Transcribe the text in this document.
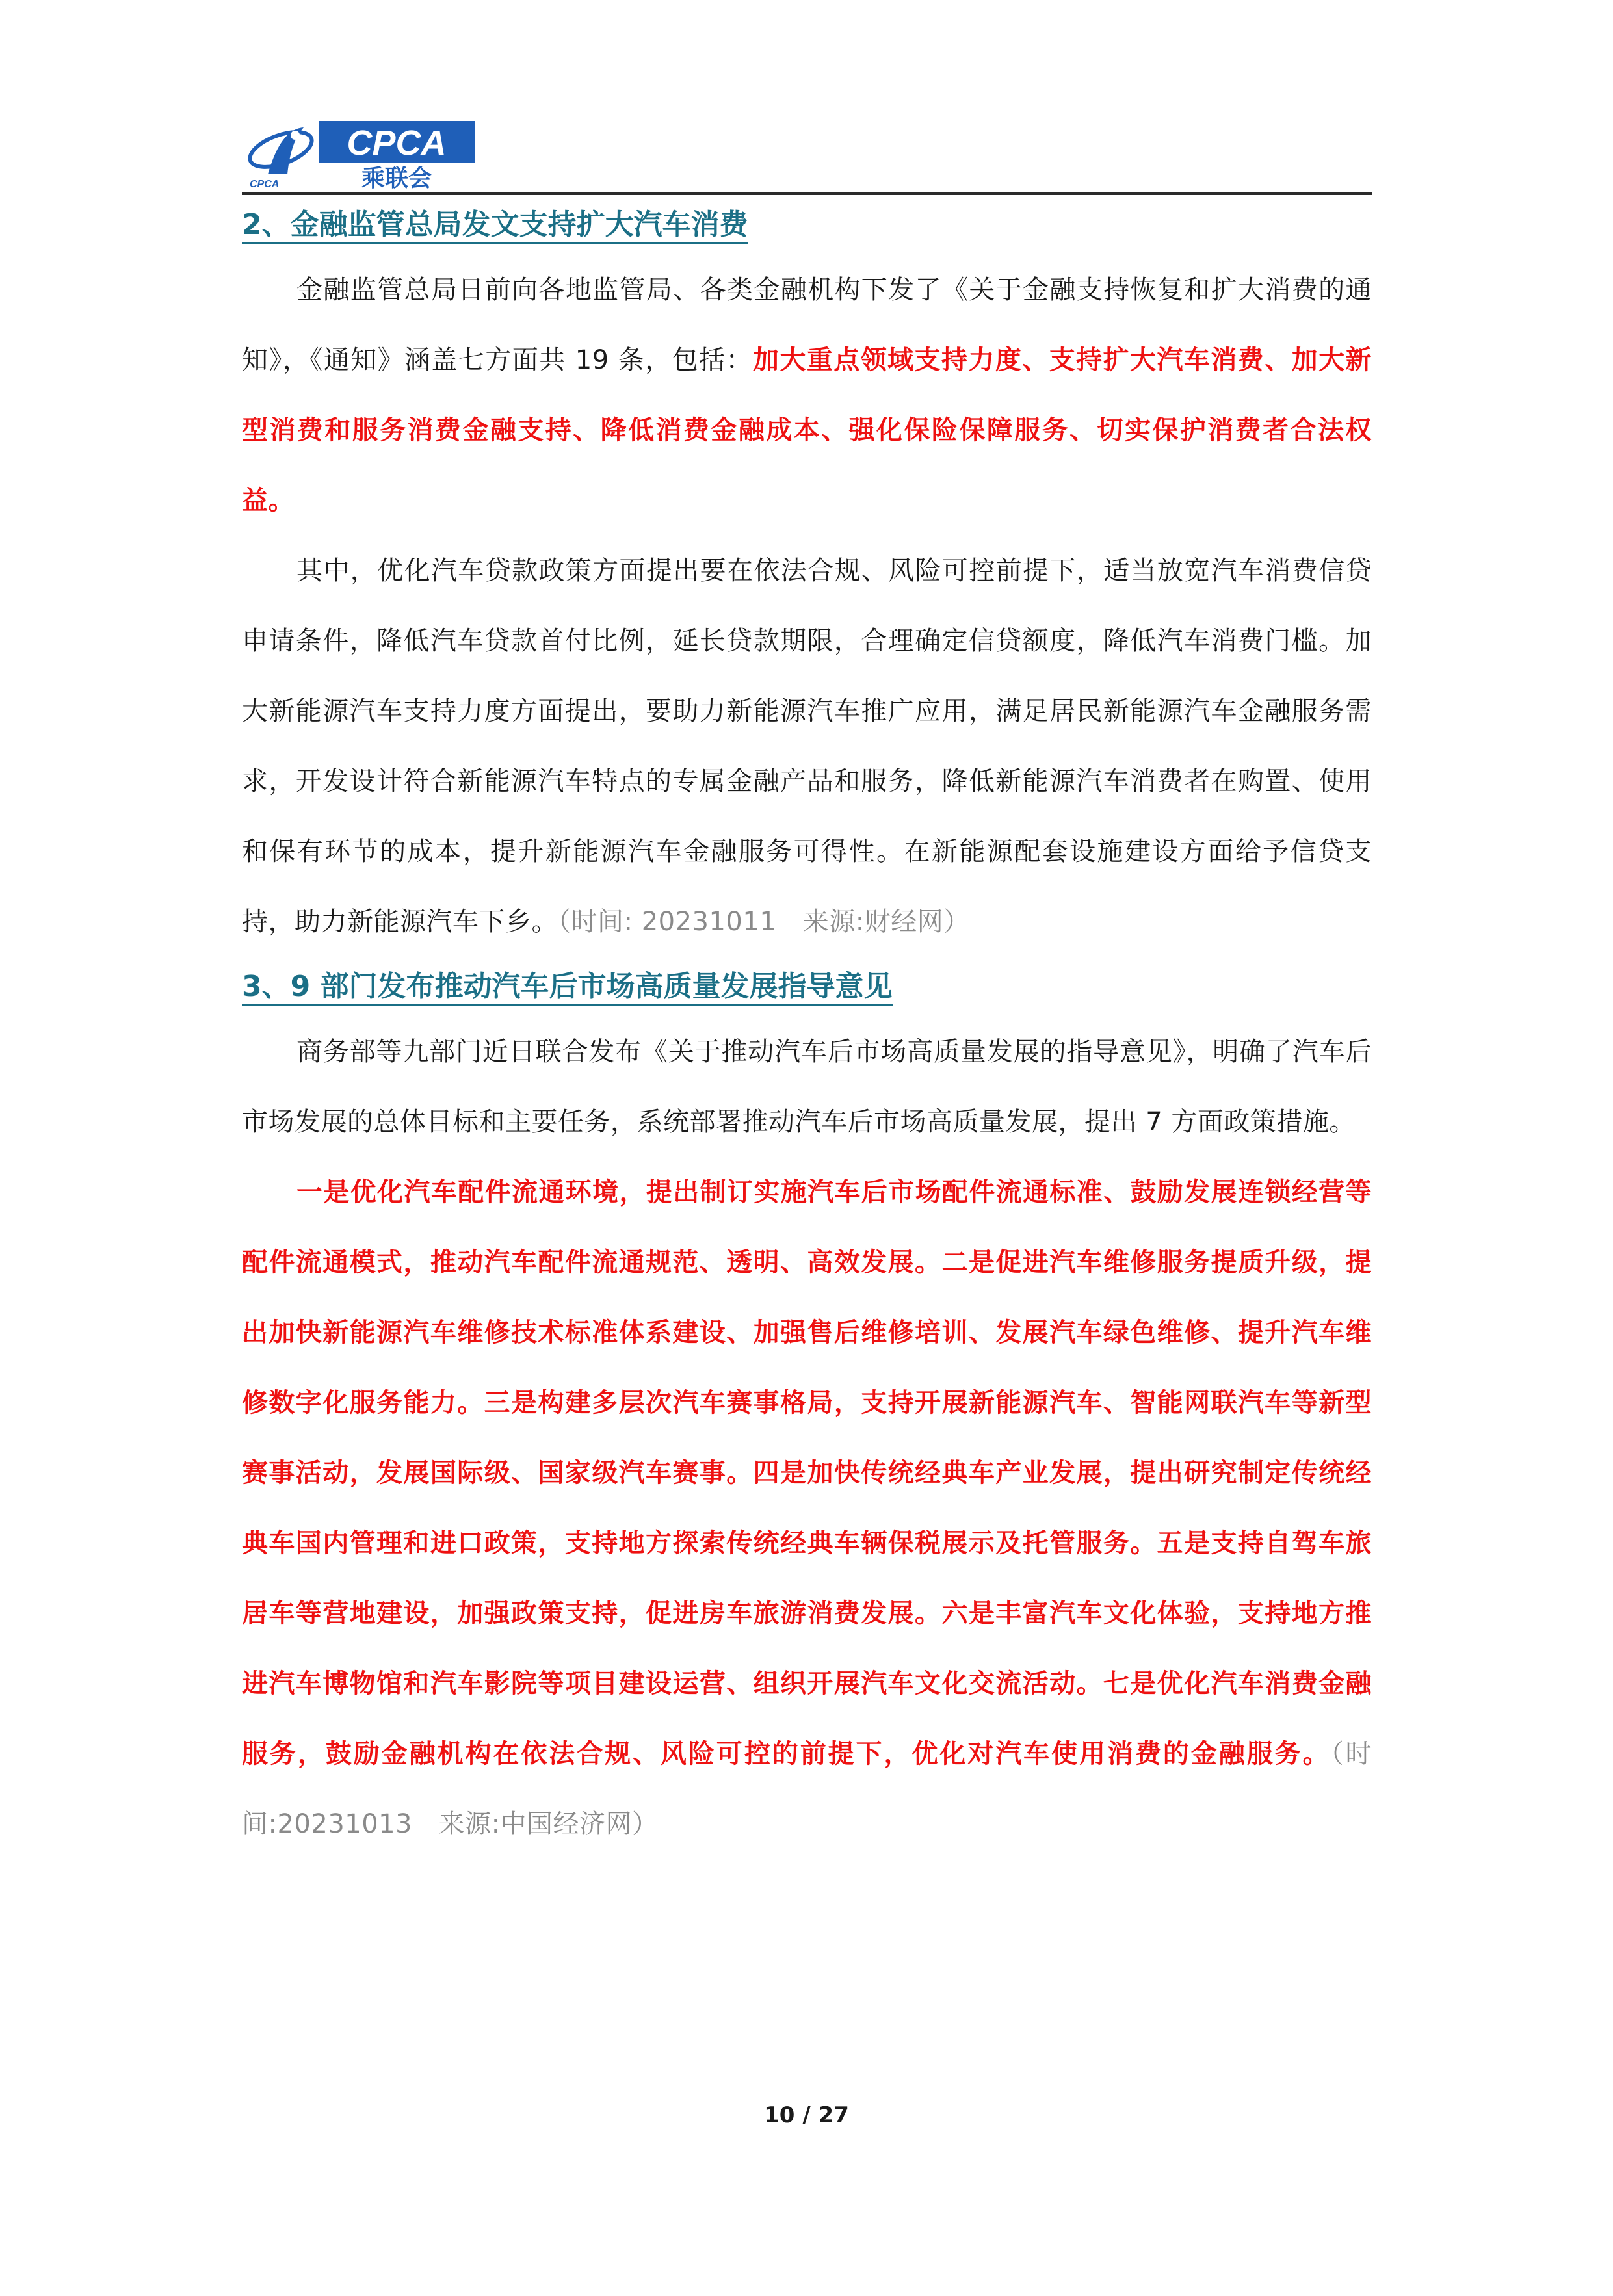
CPCA
CPCA
乘联会
2、金融监管总局发文支持扩大汽车消费

金融监管总局日前向各地监管局、各类金融机构下发了《关于金融支持恢复和扩大消费的通知》，《通知》涵盖七方面共 19 条，包括：加大重点领域支持力度、支持扩大汽车消费、加大新型消费和服务消费金融支持、降低消费金融成本、强化保险保障服务、切实保护消费者合法权益。

其中，优化汽车贷款政策方面提出要在依法合规、风险可控前提下，适当放宽汽车消费信贷申请条件，降低汽车贷款首付比例，延长贷款期限，合理确定信贷额度，降低汽车消费门槛。加大新能源汽车支持力度方面提出，要助力新能源汽车推广应用，满足居民新能源汽车金融服务需求，开发设计符合新能源汽车特点的专属金融产品和服务，降低新能源汽车消费者在购置、使用和保有环节的成本，提升新能源汽车金融服务可得性。在新能源配套设施建设方面给予信贷支持，助力新能源汽车下乡。（时间: 20231011　来源:财经网）

3、9 部门发布推动汽车后市场高质量发展指导意见

商务部等九部门近日联合发布《关于推动汽车后市场高质量发展的指导意见》，明确了汽车后市场发展的总体目标和主要任务，系统部署推动汽车后市场高质量发展，提出 7 方面政策措施。

一是优化汽车配件流通环境，提出制订实施汽车后市场配件流通标准、鼓励发展连锁经营等配件流通模式，推动汽车配件流通规范、透明、高效发展。二是促进汽车维修服务提质升级，提出加快新能源汽车维修技术标准体系建设、加强售后维修培训、发展汽车绿色维修、提升汽车维修数字化服务能力。三是构建多层次汽车赛事格局，支持开展新能源汽车、智能网联汽车等新型赛事活动，发展国际级、国家级汽车赛事。四是加快传统经典车产业发展，提出研究制定传统经典车国内管理和进口政策，支持地方探索传统经典车辆保税展示及托管服务。五是支持自驾车旅居车等营地建设，加强政策支持，促进房车旅游消费发展。六是丰富汽车文化体验，支持地方推进汽车博物馆和汽车影院等项目建设运营、组织开展汽车文化交流活动。七是优化汽车消费金融服务，鼓励金融机构在依法合规、风险可控的前提下，优化对汽车使用消费的金融服务。（时间:20231013　来源:中国经济网）

10 / 27
